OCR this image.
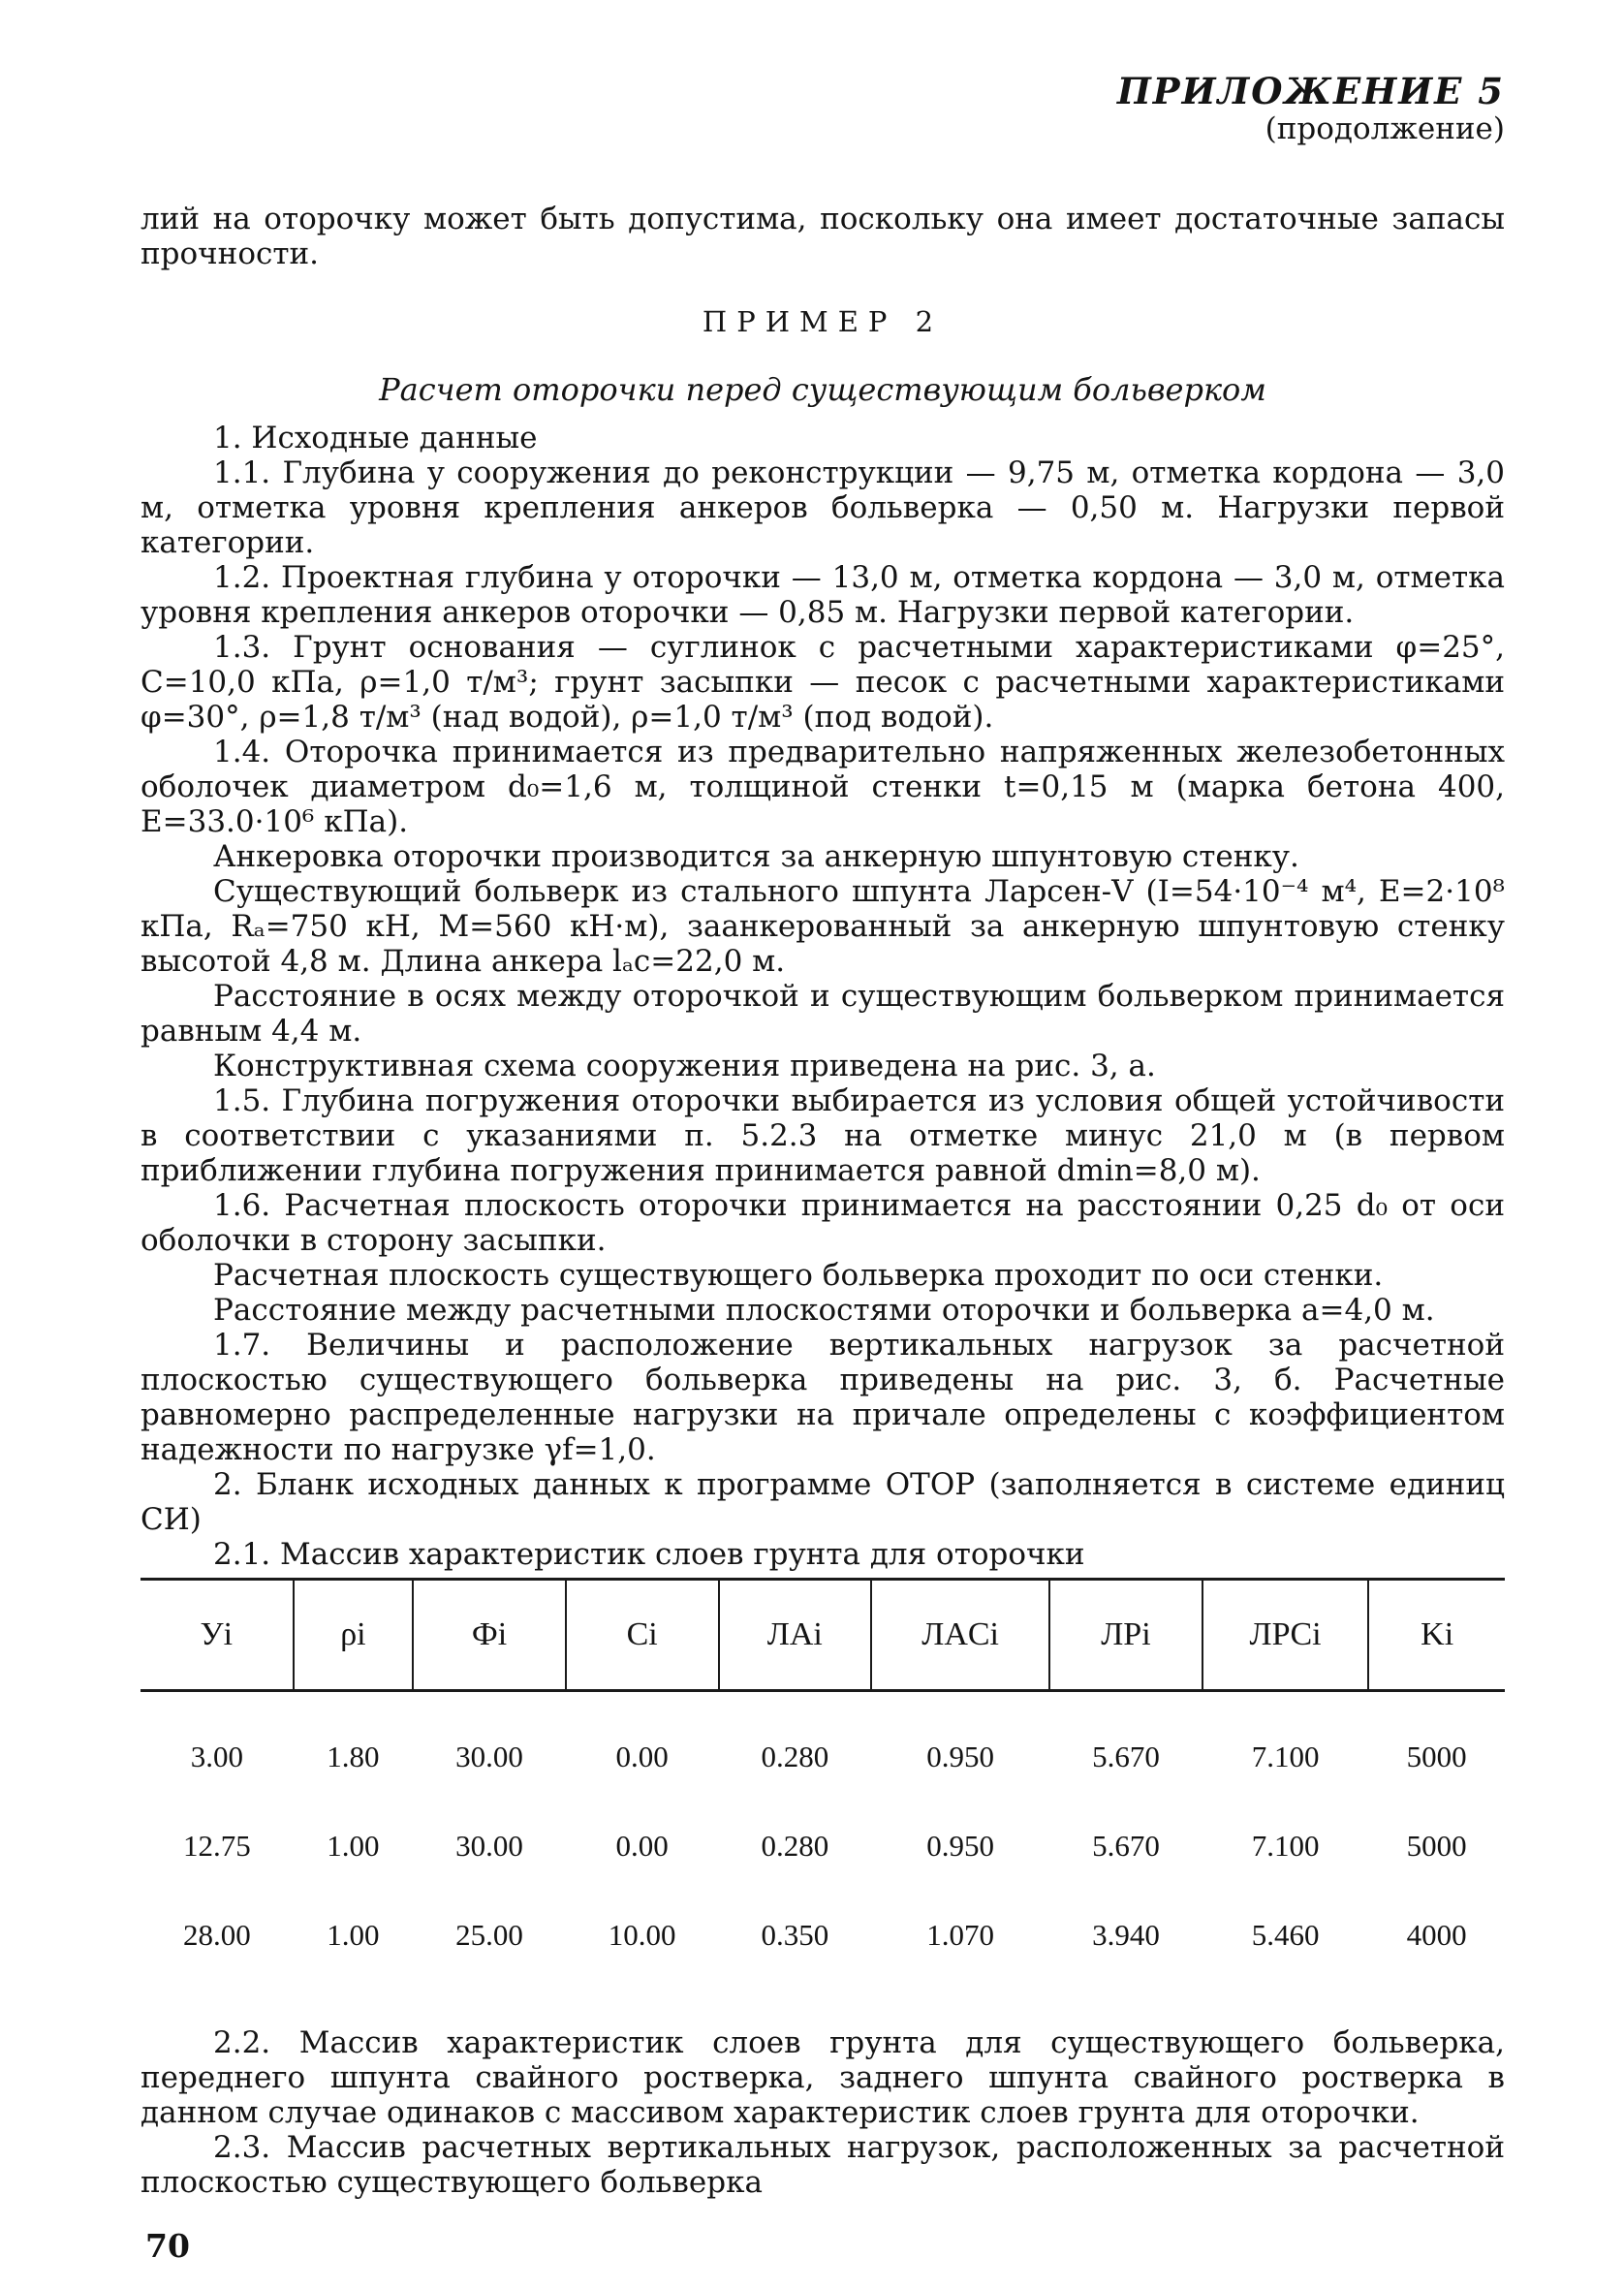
ПРИЛОЖЕНИЕ 5
(продолжение)

лий на оторочку может быть допустима, поскольку она имеет достаточные запасы прочности.

ПРИМЕР 2

Расчет оторочки перед существующим больверком

1. Исходные данные

1.1. Глубина у сооружения до реконструкции — 9,75 м, отметка кордона — 3,0 м, отметка уровня крепления анкеров больверка — 0,50 м. Нагрузки первой категории.

1.2. Проектная глубина у оторочки — 13,0 м, отметка кордона — 3,0 м, отметка уровня крепления анкеров оторочки — 0,85 м. Нагрузки первой категории.

1.3. Грунт основания — суглинок с расчетными характеристиками φ=25°, C=10,0 кПа, ρ=1,0 т/м³; грунт засыпки — песок с расчетными характеристиками φ=30°, ρ=1,8 т/м³ (над водой), ρ=1,0 т/м³ (под водой).

1.4. Оторочка принимается из предварительно напряженных железобетонных оболочек диаметром d₀=1,6 м, толщиной стенки t=0,15 м (марка бетона 400, E=33.0·10⁶ кПа).

Анкеровка оторочки производится за анкерную шпунтовую стенку.

Существующий больверк из стального шпунта Ларсен-V (I=54·10⁻⁴ м⁴, E=2·10⁸ кПа, Rₐ=750 кН, M=560 кН·м), заанкерованный за анкерную шпунтовую стенку высотой 4,8 м. Длина анкера lₐc=22,0 м.

Расстояние в осях между оторочкой и существующим больверком принимается равным 4,4 м.

Конструктивная схема сооружения приведена на рис. 3, а.

1.5. Глубина погружения оторочки выбирается из условия общей устойчивости в соответствии с указаниями п. 5.2.3 на отметке минус 21,0 м (в первом приближении глубина погружения принимается равной dmin=8,0 м).

1.6. Расчетная плоскость оторочки принимается на расстоянии 0,25 d₀ от оси оболочки в сторону засыпки.

Расчетная плоскость существующего больверка проходит по оси стенки.

Расстояние между расчетными плоскостями оторочки и больверка a=4,0 м.

1.7. Величины и расположение вертикальных нагрузок за расчетной плоскостью существующего больверка приведены на рис. 3, б. Расчетные равномерно распределенные нагрузки на причале определены с коэффициентом надежности по нагрузке γf=1,0.

2. Бланк исходных данных к программе ОТОР (заполняется в системе единиц СИ)

2.1. Массив характеристик слоев грунта для оторочки

Уi	ρi	Фi	Ci	ЛAi	ЛACi	ЛPi	ЛPCi	Ki
3.00	1.80	30.00	0.00	0.280	0.950	5.670	7.100	5000
12.75	1.00	30.00	0.00	0.280	0.950	5.670	7.100	5000
28.00	1.00	25.00	10.00	0.350	1.070	3.940	5.460	4000

2.2. Массив характеристик слоев грунта для существующего больверка, переднего шпунта свайного ростверка, заднего шпунта свайного ростверка в данном случае одинаков с массивом характеристик слоев грунта для оторочки.

2.3. Массив расчетных вертикальных нагрузок, расположенных за расчетной плоскостью существующего больверка

70
